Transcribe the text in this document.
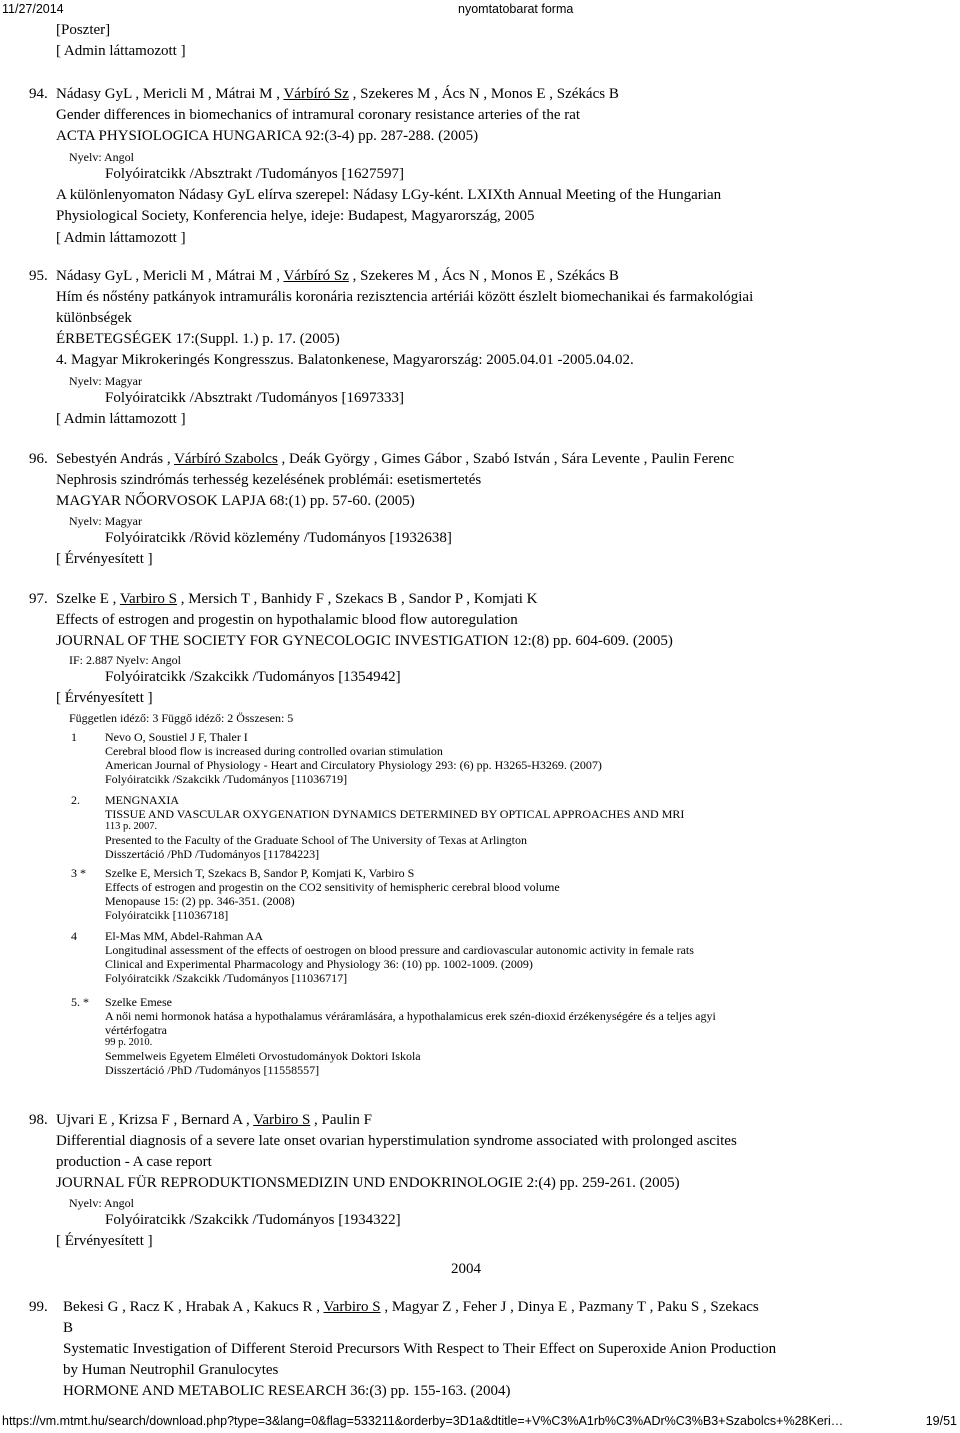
11/27/2014	nyomtatobarat forma
[Poszter]
[ Admin láttamozott ]
94. Nádasy GyL , Mericli M , Mátrai M , Várbíró Sz , Szekeres M , Ács N , Monos E , Székács B
Gender differences in biomechanics of intramural coronary resistance arteries of the rat
ACTA PHYSIOLOGICA HUNGARICA 92:(3-4) pp. 287-288. (2005)
Nyelv: Angol
Folyóiratcikk /Absztrakt /Tudományos [1627597]
A különlenyomaton Nádasy GyL elírva szerepel: Nádasy LGy-ként. LXIXth Annual Meeting of the Hungarian
Physiological Society, Konferencia helye, ideje: Budapest, Magyarország, 2005
[ Admin láttamozott ]
95. Nádasy GyL , Mericli M , Mátrai M , Várbíró Sz , Szekeres M , Ács N , Monos E , Székács B
Hím és nőstény patkányok intramurális koronária rezisztencia artériái között észlelt biomechanikai és farmakológiai
különbségek
ÉRBETEGSÉGEK 17:(Suppl. 1.) p. 17. (2005)
4. Magyar Mikrokeringés Kongresszus. Balatonkenese, Magyarország: 2005.04.01 -2005.04.02.
Nyelv: Magyar
Folyóiratcikk /Absztrakt /Tudományos [1697333]
[ Admin láttamozott ]
96. Sebestyén András , Várbíró Szabolcs , Deák György , Gimes Gábor , Szabó István , Sára Levente , Paulin Ferenc
Nephrosis szindrómás terhesség kezelésének problémái: esetismertetés
MAGYAR NŐORVOSOK LAPJA 68:(1) pp. 57-60. (2005)
Nyelv: Magyar
Folyóiratcikk /Rövid közlemény /Tudományos [1932638]
[ Érvényesített ]
97. Szelke E , Varbiro S , Mersich T , Banhidy F , Szekacs B , Sandor P , Komjati K
Effects of estrogen and progestin on hypothalamic blood flow autoregulation
JOURNAL OF THE SOCIETY FOR GYNECOLOGIC INVESTIGATION 12:(8) pp. 604-609. (2005)
IF: 2.887 Nyelv: Angol
Folyóiratcikk /Szakcikk /Tudományos [1354942]
[ Érvényesített ]
Független idéző: 3 Függő idéző: 2 Összesen: 5
1 Nevo O, Soustiel J F, Thaler I
Cerebral blood flow is increased during controlled ovarian stimulation
American Journal of Physiology - Heart and Circulatory Physiology 293: (6) pp. H3265-H3269. (2007)
Folyóiratcikk /Szakcikk /Tudományos [11036719]
2. MENGNAXIA
TISSUE AND VASCULAR OXYGENATION DYNAMICS DETERMINED BY OPTICAL APPROACHES AND MRI
113 p. 2007.
Presented to the Faculty of the Graduate School of The University of Texas at Arlington
Disszertáció /PhD /Tudományos [11784223]
3 * Szelke E, Mersich T, Szekacs B, Sandor P, Komjati K, Varbiro S
Effects of estrogen and progestin on the CO2 sensitivity of hemispheric cerebral blood volume
Menopause 15: (2) pp. 346-351. (2008)
Folyóiratcikk [11036718]
4 El-Mas MM, Abdel-Rahman AA
Longitudinal assessment of the effects of oestrogen on blood pressure and cardiovascular autonomic activity in female rats
Clinical and Experimental Pharmacology and Physiology 36: (10) pp. 1002-1009. (2009)
Folyóiratcikk /Szakcikk /Tudományos [11036717]
5. * Szelke Emese
A női nemi hormonok hatása a hypothalamus véráramlására, a hypothalamicus erek szén-dioxid érzékenységére és a teljes agyi
vértérfogatra
99 p. 2010.
Semmelweis Egyetem Elméleti Orvostudományok Doktori Iskola
Disszertáció /PhD /Tudományos [11558557]
98. Ujvari E , Krizsa F , Bernard A , Varbiro S , Paulin F
Differential diagnosis of a severe late onset ovarian hyperstimulation syndrome associated with prolonged ascites
production - A case report
JOURNAL FÜR REPRODUKTIONSMEDIZIN UND ENDOKRINOLOGIE 2:(4) pp. 259-261. (2005)
Nyelv: Angol
Folyóiratcikk /Szakcikk /Tudományos [1934322]
[ Érvényesített ]
2004
99. Bekesi G , Racz K , Hrabak A , Kakucs R , Varbiro S , Magyar Z , Feher J , Dinya E , Pazmany T , Paku S , Szekacs
B
Systematic Investigation of Different Steroid Precursors With Respect to Their Effect on Superoxide Anion Production
by Human Neutrophil Granulocytes
HORMONE AND METABOLIC RESEARCH 36:(3) pp. 155-163. (2004)
https://vm.mtmt.hu/search/download.php?type=3&lang=0&flag=533211&orderby=3D1a&dtitle=+V%C3%A1rb%C3%ADr%C3%B3+Szabolcs+%28Keri…	19/51
